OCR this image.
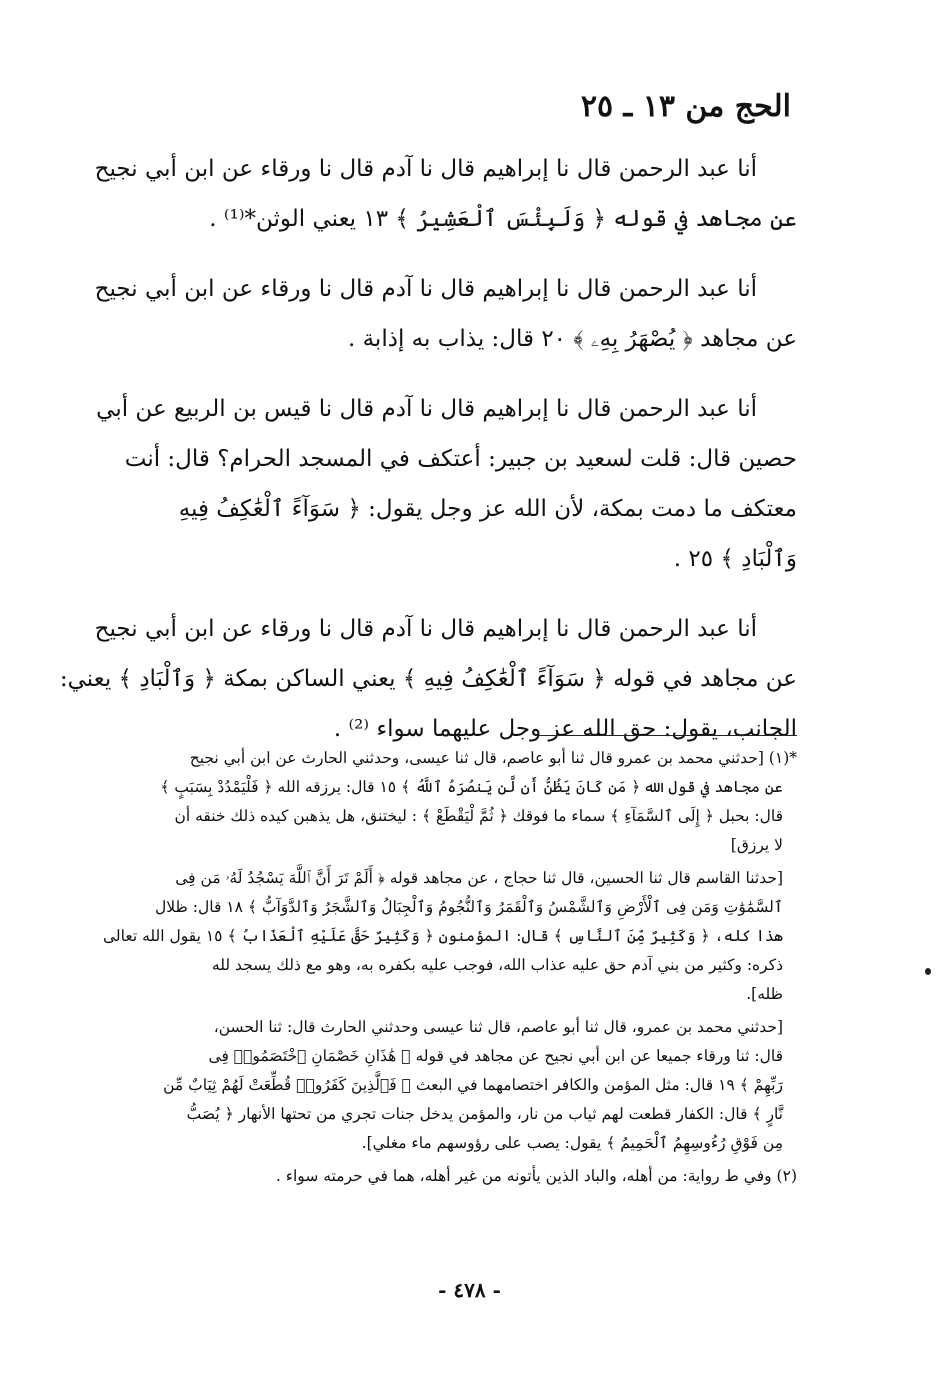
الحج من ١٣ ـ ٢٥

أنا عبد الرحمن قال نا إبراهيم قال نا آدم قال نا ورقاء عن ابن أبي نجيح
عن مجاهد في قوله ﴿ وَلَبِئْسَ ٱلْعَشِيرُ ﴾ ١٣ يعني الوثن*⁽¹⁾ .

أنا عبد الرحمن قال نا إبراهيم قال نا آدم قال نا ورقاء عن ابن أبي نجيح
عن مجاهد ﴿ يُصْهَرُ بِهِۦ ﴾ ٢٠ قال: يذاب به إذابة .

أنا عبد الرحمن قال نا إبراهيم قال نا آدم قال نا قيس بن الربيع عن أبي
حصين قال: قلت لسعيد بن جبير: أعتكف في المسجد الحرام؟ قال: أنت
معتكف ما دمت بمكة، لأن الله عز وجل يقول: ﴿ سَوَآءً ٱلْعَٰكِفُ فِيهِ
وَٱلْبَادِ ﴾ ٢٥ .

أنا عبد الرحمن قال نا إبراهيم قال نا آدم قال نا ورقاء عن ابن أبي نجيح
عن مجاهد في قوله ﴿ سَوَآءً ٱلْعَٰكِفُ فِيهِ ﴾ يعني الساكن بمكة ﴿ وَٱلْبَادِ ﴾ يعني:
الجانب، يقول: حق الله عز وجل عليهما سواء ⁽²⁾ .

*(١) [حدثني محمد بن عمرو قال ثنا أبو عاصم، قال ثنا عيسى، وحدثني الحارث عن ابن أبي نجيح
عن مجاهد في قول الله ﴿ مَن كَانَ يَظُنُّ أَن لَّن يَنصُرَهُ ٱللَّهُ ﴾ ١٥ قال: يرزقه الله ﴿ فَلْيَمْدُدْ بِسَبَبٍ ﴾
قال: بحبل ﴿ إِلَى ٱلسَّمَآءِ ﴾ سماء ما فوقك ﴿ ثُمَّ لْيَقْطَعْ ﴾ : ليختنق، هل يذهبن كيده ذلك خنقه أن
لا يرزق]
[حدثنا القاسم قال ثنا الحسين، قال ثنا حجاج ، عن مجاهد قوله ﴿ أَلَمْ تَرَ أَنَّ ٱللَّهَ يَسْجُدُ لَهُۥ مَن فِى
ٱلسَّمَٰوَٰتِ وَمَن فِى ٱلْأَرْضِ وَٱلشَّمْسُ وَٱلْقَمَرُ وَٱلنُّجُومُ وَٱلْجِبَالُ وَٱلشَّجَرُ وَٱلدَّوَآبُّ ﴾ ١٨ قال: ظلال
هذا كله، ﴿ وَكَثِيرٌ مِّنَ ٱلنَّاسِ ﴾ قال: المؤمنون ﴿ وَكَثِيرٌ حَقَّ عَلَيْهِ ٱلْعَذَابُ ﴾ ١٥ يقول الله تعالى
ذكره: وكثير من بني آدم حق عليه عذاب الله، فوجب عليه بكفره به، وهو مع ذلك يسجد لله
ظله].
[حدثني محمد بن عمرو، قال ثنا أبو عاصم، قال ثنا عيسى وحدثني الحارث قال: ثنا الحسن،
قال: ثنا ورقاء جميعا عن ابن أبي نجيح عن مجاهد في قوله ﴿ هَٰذَانِ خَصْمَانِ ٱخْتَصَمُوا۟ فِى
رَبِّهِمْ ﴾ ١٩ قال: مثل المؤمن والكافر اختصامهما في البعث ﴿ فَٱلَّذِينَ كَفَرُوا۟ قُطِّعَتْ لَهُمْ ثِيَابٌ مِّن
نَّارٍ ﴾ قال: الكفار قطعت لهم ثياب من نار، والمؤمن يدخل جنات تجري من تحتها الأنهار ﴿ يُصَبُّ
مِن فَوْقِ رُءُوسِهِمُ ٱلْحَمِيمُ ﴾ يقول: يصب على رؤوسهم ماء مغلي].
(٢) وفي ط رواية: من أهله، والباد الذين يأتونه من غير أهله، هما في حرمته سواء .
- ٤٧٨ -
